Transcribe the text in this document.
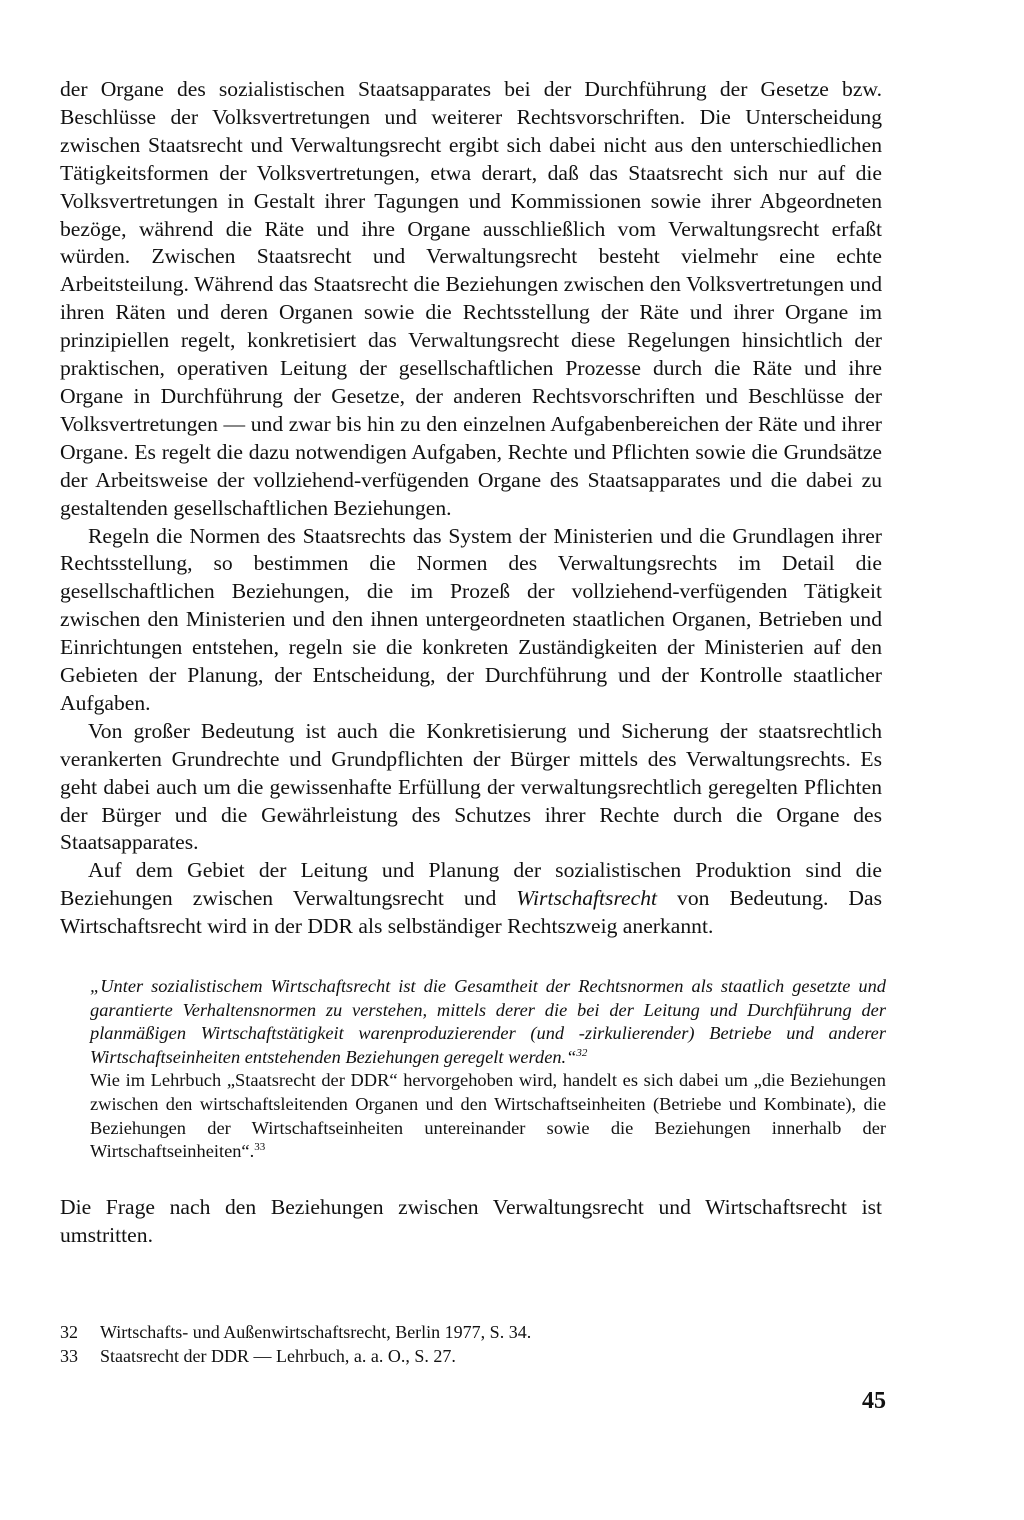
der Organe des sozialistischen Staatsapparates bei der Durchführung der Gesetze bzw. Beschlüsse der Volksvertretungen und weiterer Rechtsvorschriften. Die Unterscheidung zwischen Staatsrecht und Verwaltungsrecht ergibt sich dabei nicht aus den unterschiedlichen Tätigkeitsformen der Volksvertretungen, etwa derart, daß das Staatsrecht sich nur auf die Volksvertretungen in Gestalt ihrer Tagungen und Kommissionen sowie ihrer Abgeordneten bezöge, während die Räte und ihre Organe ausschließlich vom Verwaltungsrecht erfaßt würden. Zwischen Staatsrecht und Verwaltungsrecht besteht vielmehr eine echte Arbeitsteilung. Während das Staatsrecht die Beziehungen zwischen den Volksvertretungen und ihren Räten und deren Organen sowie die Rechtsstellung der Räte und ihrer Organe im prinzipiellen regelt, konkretisiert das Verwaltungsrecht diese Regelungen hinsichtlich der praktischen, operativen Leitung der gesellschaftlichen Prozesse durch die Räte und ihre Organe in Durchführung der Gesetze, der anderen Rechtsvorschriften und Beschlüsse der Volksvertretungen — und zwar bis hin zu den einzelnen Aufgabenbereichen der Räte und ihrer Organe. Es regelt die dazu notwendigen Aufgaben, Rechte und Pflichten sowie die Grundsätze der Arbeitsweise der vollziehend-verfügenden Organe des Staatsapparates und die dabei zu gestaltenden gesellschaftlichen Beziehungen.

Regeln die Normen des Staatsrechts das System der Ministerien und die Grundlagen ihrer Rechtsstellung, so bestimmen die Normen des Verwaltungsrechts im Detail die gesellschaftlichen Beziehungen, die im Prozeß der vollziehend-verfügenden Tätigkeit zwischen den Ministerien und den ihnen untergeordneten staatlichen Organen, Betrieben und Einrichtungen entstehen, regeln sie die konkreten Zuständigkeiten der Ministerien auf den Gebieten der Planung, der Entscheidung, der Durchführung und der Kontrolle staatlicher Aufgaben.

Von großer Bedeutung ist auch die Konkretisierung und Sicherung der staatsrechtlich verankerten Grundrechte und Grundpflichten der Bürger mittels des Verwaltungsrechts. Es geht dabei auch um die gewissenhafte Erfüllung der verwaltungsrechtlich geregelten Pflichten der Bürger und die Gewährleistung des Schutzes ihrer Rechte durch die Organe des Staatsapparates.

Auf dem Gebiet der Leitung und Planung der sozialistischen Produktion sind die Beziehungen zwischen Verwaltungsrecht und Wirtschaftsrecht von Bedeutung. Das Wirtschaftsrecht wird in der DDR als selbständiger Rechtszweig anerkannt.

„Unter sozialistischem Wirtschaftsrecht ist die Gesamtheit der Rechtsnormen als staatlich gesetzte und garantierte Verhaltensnormen zu verstehen, mittels derer die bei der Leitung und Durchführung der planmäßigen Wirtschaftstätigkeit warenproduzierender (und -zirkulierender) Betriebe und anderer Wirtschaftseinheiten entstehenden Beziehungen geregelt werden.“$^{32}$

Wie im Lehrbuch „Staatsrecht der DDR“ hervorgehoben wird, handelt es sich dabei um „die Beziehungen zwischen den wirtschaftsleitenden Organen und den Wirtschaftseinheiten (Betriebe und Kombinate), die Beziehungen der Wirtschaftseinheiten untereinander sowie die Beziehungen innerhalb der Wirtschaftseinheiten“.$^{33}$

Die Frage nach den Beziehungen zwischen Verwaltungsrecht und Wirtschaftsrecht ist umstritten.

32	Wirtschafts- und Außenwirtschaftsrecht, Berlin 1977, S. 34.
33	Staatsrecht der DDR — Lehrbuch, a. a. O., S. 27.
45
